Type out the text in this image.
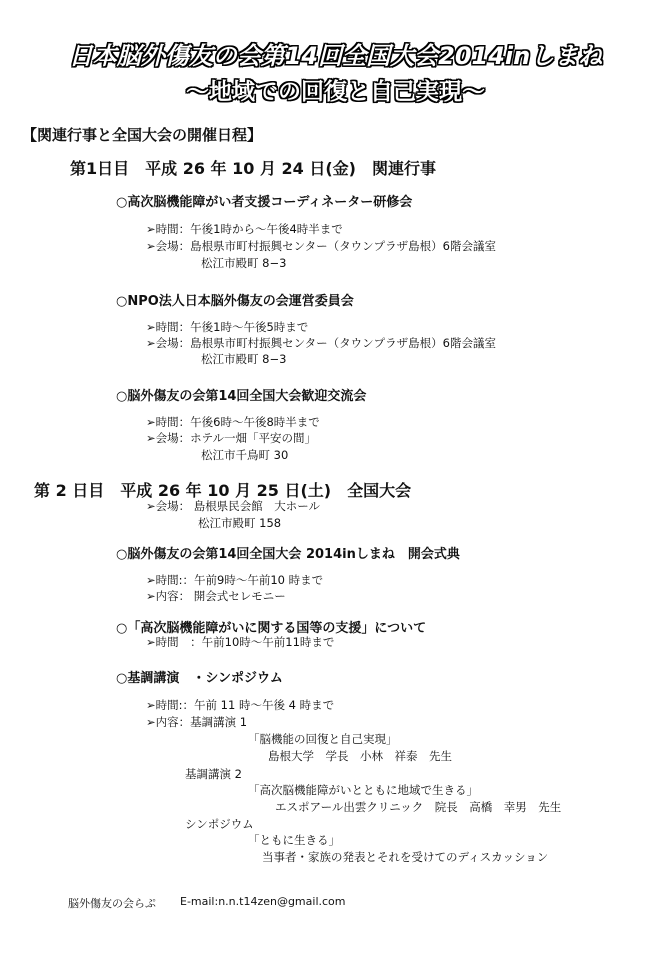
日本脳外傷友の会第14回全国大会2014inしまね
〜地域での回復と自己実現〜
【関連行事と全国大会の開催日程】
第1日目　平成 26 年 10 月 24 日(金)　関連行事
○高次脳機能障がい者支援コーディネーター研修会
➢時間：午後1時から〜午後4時半まで
➢会場：島根県市町村振興センター（タウンプラザ島根）6階会議室
松江市殿町 8−3
○NPO法人日本脳外傷友の会運営委員会
➢時間：午後1時〜午後5時まで
➢会場：島根県市町村振興センター（タウンプラザ島根）6階会議室
松江市殿町 8−3
○脳外傷友の会第14回全国大会歓迎交流会
➢時間：午後6時〜午後8時半まで
➢会場：ホテル一畑「平安の間」
松江市千鳥町 30
第 2 日目　平成 26 年 10 月 25 日(土)　全国大会
➢会場： 島根県民会館　大ホール
松江市殿町 158
○脳外傷友の会第14回全国大会 2014inしまね　開会式典
➢時間:：午前9時〜午前10 時まで
➢内容： 開会式セレモニー
○「高次脳機能障がいに関する国等の支援」について
➢時間　：午前10時〜午前11時まで
○基調講演　・シンポジウム
➢時間:：午前 11 時〜午後 4 時まで
➢内容：基調講演 1
「脳機能の回復と自己実現」
島根大学　学長　小林　祥泰　先生
基調講演 2
「高次脳機能障がいとともに地域で生きる」
エスポアール出雲クリニック　院長　高橋　幸男　先生
シンポジウム
「ともに生きる」
当事者・家族の発表とそれを受けてのディスカッション
脳外傷友の会らぷ E-mail:n.n.t14zen@gmail.com
